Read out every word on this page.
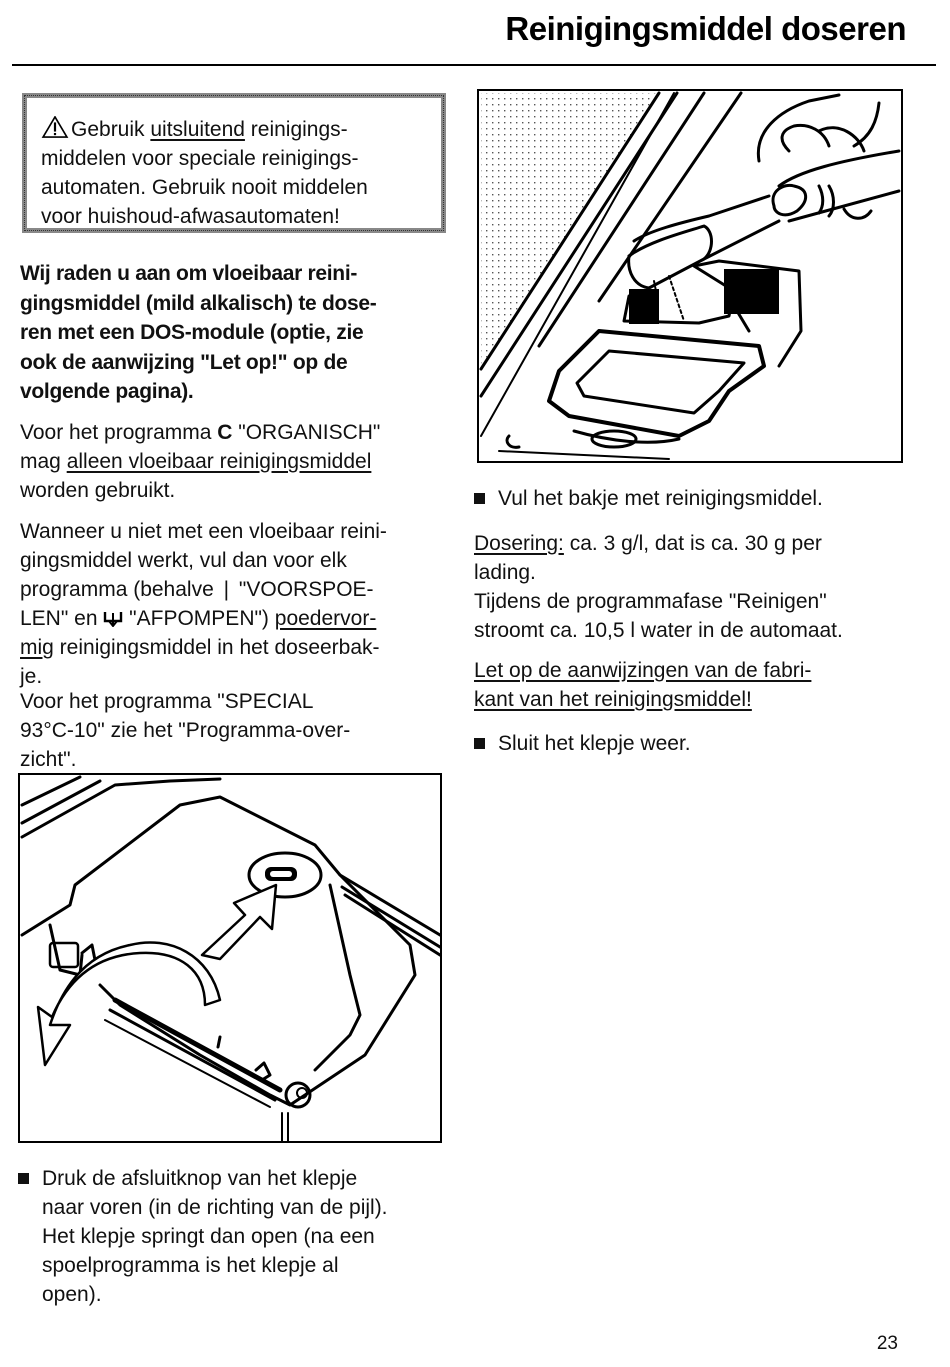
Reinigingsmiddel doseren
Gebruik uitsluitend reinigings-
middelen voor speciale reinigings-
automaten. Gebruik nooit middelen
voor huishoud-afwasautomaten!

Wij raden u aan om vloeibaar reini-

gingsmiddel (mild alkalisch) te dose-

ren met een DOS-module (optie, zie

ook de aanwijzing "Let op!" op de

volgende pagina).

Voor het programma C "ORGANISCH"

mag alleen vloeibaar reinigingsmiddel

worden gebruikt.

Wanneer u niet met een vloeibaar reini-

gingsmiddel werkt, vul dan voor elk

programma (behalve | "VOORSPOE-

LEN" en  "AFPOMPEN") poedervor-

mig reinigingsmiddel in het doseerbak-

je.

Voor het programma "SPECIAL

93°C-10" zie het "Programma-over-

zicht".

Druk de afsluitknop van het klepje

naar voren (in de richting van de pijl).

Het klepje springt dan open (na een

spoelprogramma is het klepje al

open).

Vul het bakje met reinigingsmiddel.

Dosering: ca. 3 g/l, dat is ca. 30 g per

lading.

Tijdens de programmafase "Reinigen"

stroomt ca. 10,5 l water in de automaat.

Let op de aanwijzingen van de fabri-

kant van het reinigingsmiddel!

Sluit het klepje weer.

23
